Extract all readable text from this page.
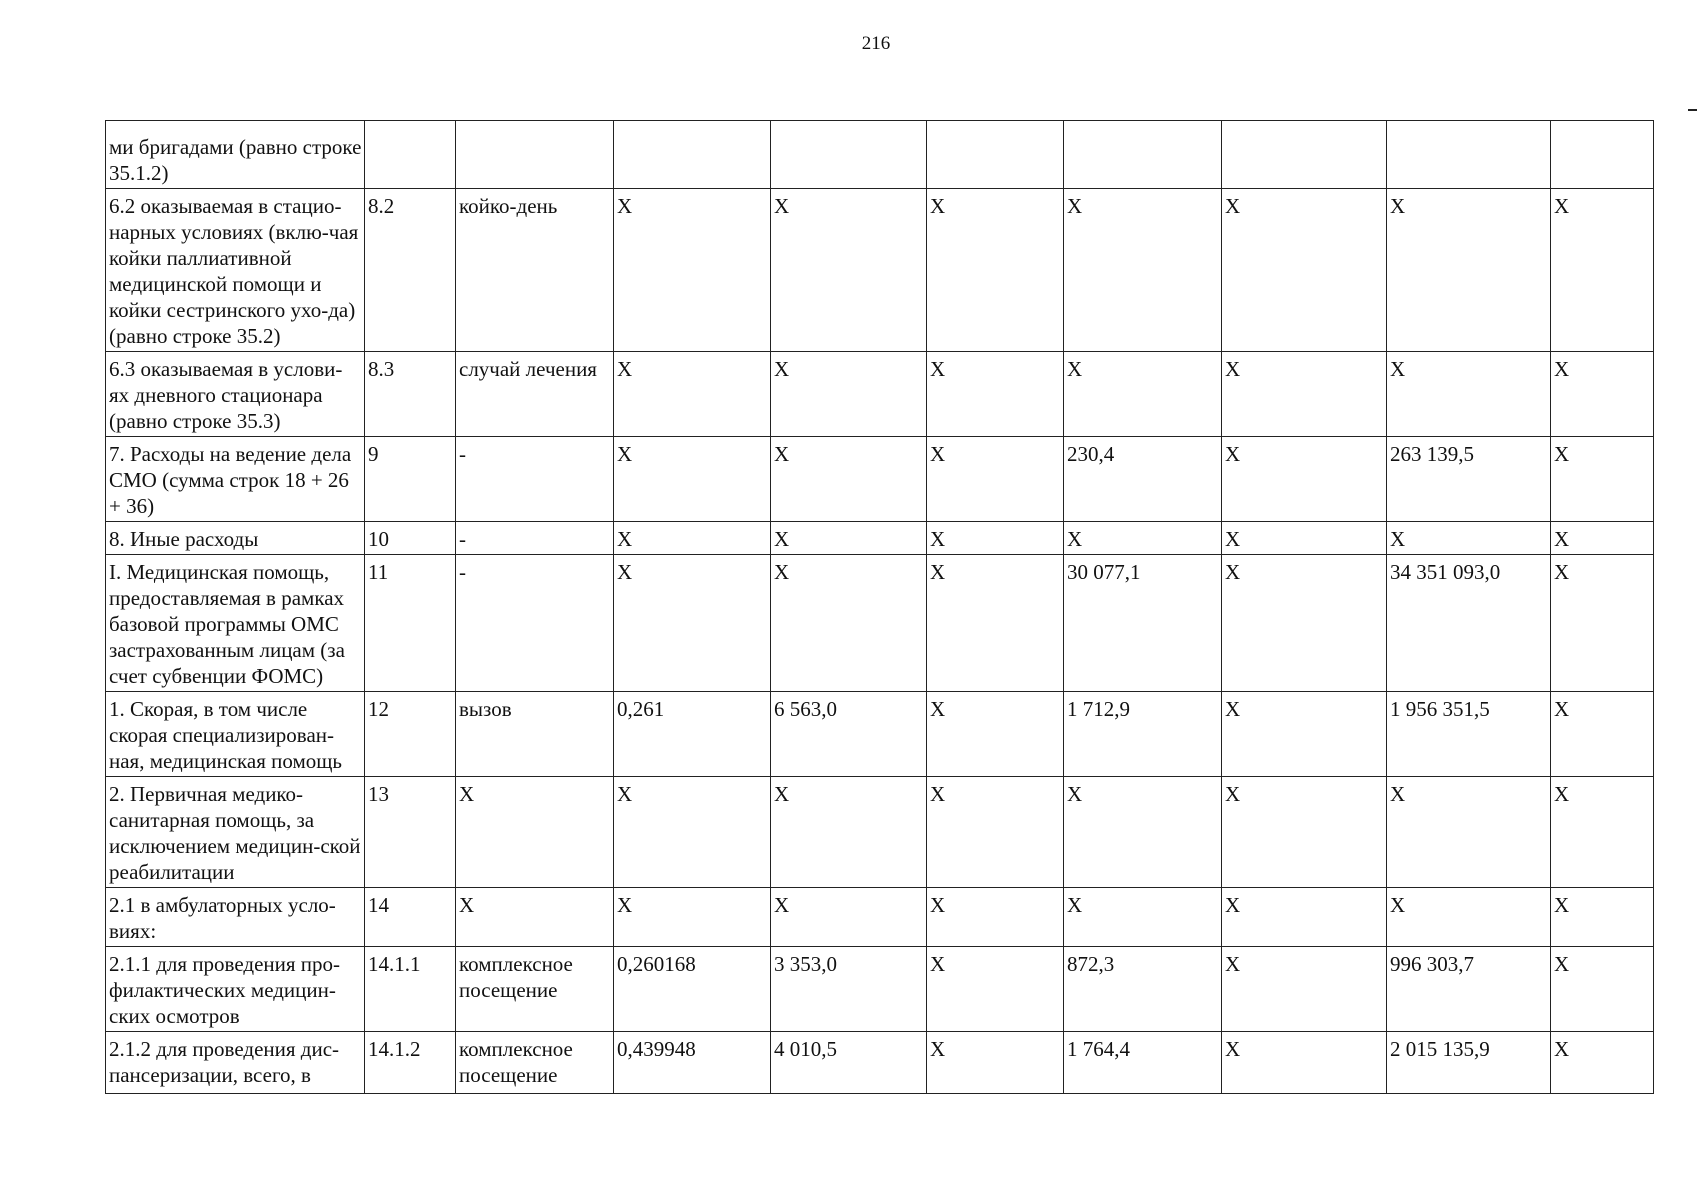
216
ми бригадами (равно строке 35.1.2)									
6.2 оказываемая в стацио-нарных условиях (вклю-чая койки паллиативной медицинской помощи и койки сестринского ухо-да) (равно строке 35.2)	8.2	койко-день	X	X	X	X	X	X	X
6.3 оказываемая в услови-ях дневного стационара (равно строке 35.3)	8.3	случай лечения	X	X	X	X	X	X	X
7. Расходы на ведение дела СМО (сумма строк 18 + 26 + 36)	9	-	X	X	X	230,4	X	263 139,5	X
8. Иные расходы	10	-	X	X	X	X	X	X	X
I. Медицинская помощь, предоставляемая в рамках базовой программы ОМС застрахованным лицам (за счет субвенции ФОМС)	11	-	X	X	X	30 077,1	X	34 351 093,0	X
1. Скорая, в том числе скорая специализирован-ная, медицинская помощь	12	вызов	0,261	6 563,0	X	1 712,9	X	1 956 351,5	X
2. Первичная медико-санитарная помощь, за исключением медицин-ской реабилитации	13	X	X	X	X	X	X	X	X
2.1 в амбулаторных усло-виях:	14	X	X	X	X	X	X	X	X
2.1.1 для проведения про-филактических медицин-ских осмотров	14.1.1	комплексное посещение	0,260168	3 353,0	X	872,3	X	996 303,7	X
2.1.2 для проведения дис-пансеризации, всего, в	14.1.2	комплексное посещение	0,439948	4 010,5	X	1 764,4	X	2 015 135,9	X
